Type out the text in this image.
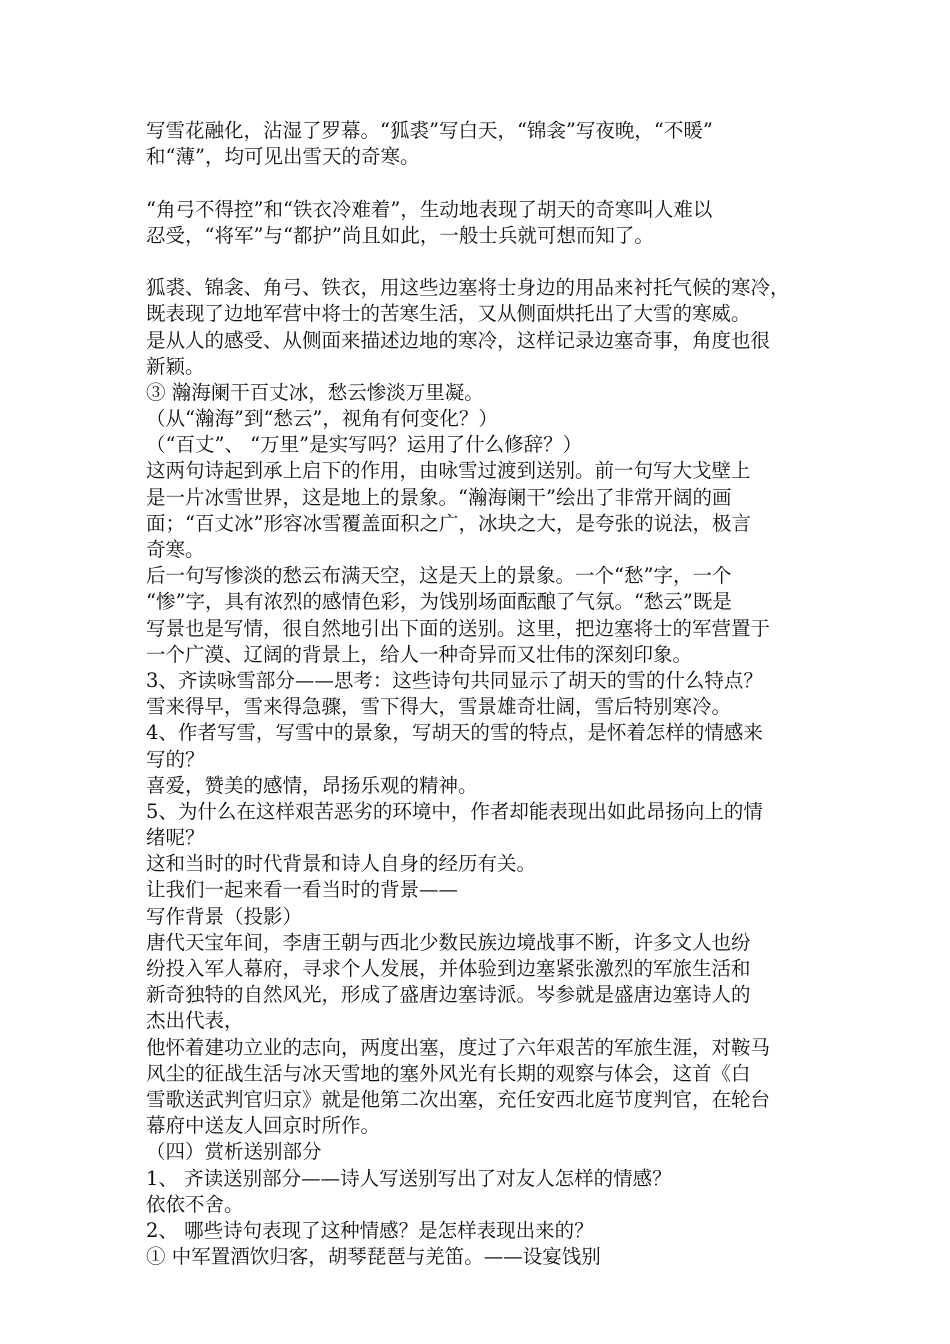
写雪花融化，沾湿了罗幕。“狐裘”写白天，“锦衾”写夜晚，“不暖”

和“薄”，均可见出雪天的奇寒。

“角弓不得控”和“铁衣冷难着”，生动地表现了胡天的奇寒叫人难以

忍受，“将军”与“都护”尚且如此，一般士兵就可想而知了。

狐裘、锦衾、角弓、铁衣，用这些边塞将士身边的用品来衬托气候的寒冷，

既表现了边地军营中将士的苦寒生活，又从侧面烘托出了大雪的寒威。

是从人的感受、从侧面来描述边地的寒冷，这样记录边塞奇事，角度也很

新颖。

③ 瀚海阑干百丈冰，愁云惨淡万里凝。

（从“瀚海”到“愁云”，视角有何变化？）

（“百丈”、 “万里”是实写吗？运用了什么修辞？）

这两句诗起到承上启下的作用，由咏雪过渡到送别。前一句写大戈壁上

是一片冰雪世界，这是地上的景象。“瀚海阑干”绘出了非常开阔的画

面；“百丈冰”形容冰雪覆盖面积之广，冰块之大，是夸张的说法，极言

奇寒。

后一句写惨淡的愁云布满天空，这是天上的景象。一个“愁”字，一个

“惨”字，具有浓烈的感情色彩，为饯别场面酝酿了气氛。“愁云”既是

写景也是写情，很自然地引出下面的送别。这里，把边塞将士的军营置于

一个广漠、辽阔的背景上，给人一种奇异而又壮伟的深刻印象。

3、齐读咏雪部分——思考：这些诗句共同显示了胡天的雪的什么特点？

雪来得早，雪来得急骤，雪下得大，雪景雄奇壮阔，雪后特别寒冷。

4、作者写雪，写雪中的景象，写胡天的雪的特点，是怀着怎样的情感来

写的？

喜爱，赞美的感情，昂扬乐观的精神。

5、为什么在这样艰苦恶劣的环境中，作者却能表现出如此昂扬向上的情

绪呢？

这和当时的时代背景和诗人自身的经历有关。

让我们一起来看一看当时的背景——

写作背景（投影）

唐代天宝年间，李唐王朝与西北少数民族边境战事不断，许多文人也纷

纷投入军人幕府，寻求个人发展，并体验到边塞紧张激烈的军旅生活和

新奇独特的自然风光，形成了盛唐边塞诗派。岑参就是盛唐边塞诗人的

杰出代表，

他怀着建功立业的志向，两度出塞，度过了六年艰苦的军旅生涯，对鞍马

风尘的征战生活与冰天雪地的塞外风光有长期的观察与体会，这首《白

雪歌送武判官归京》就是他第二次出塞，充任安西北庭节度判官，在轮台

幕府中送友人回京时所作。

（四）赏析送别部分

1、 齐读送别部分——诗人写送别写出了对友人怎样的情感？

依依不舍。

2、 哪些诗句表现了这种情感？是怎样表现出来的？

① 中军置酒饮归客，胡琴琵琶与羌笛。——设宴饯别
